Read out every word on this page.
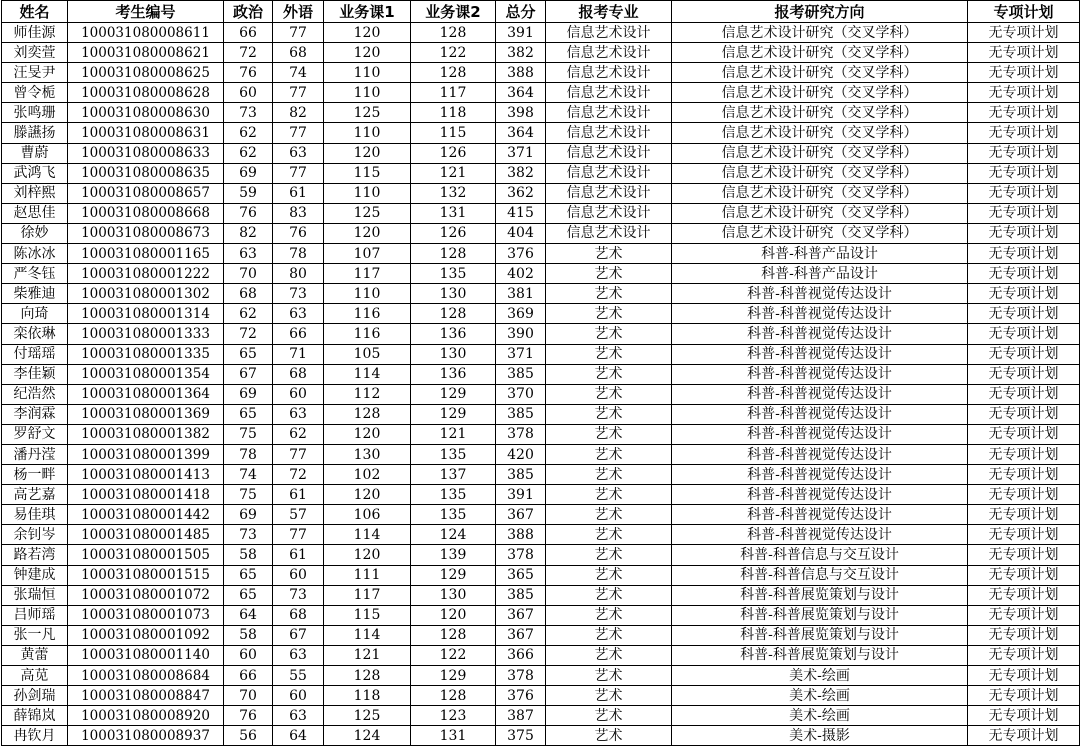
姓名	考生编号	政治	外语	业务课1	业务课2	总分	报考专业	报考研究方向	专项计划
师佳源	100031080008611	66	77	120	128	391	信息艺术设计	信息艺术设计研究（交叉学科）	无专项计划
刘奕萱	100031080008621	72	68	120	122	382	信息艺术设计	信息艺术设计研究（交叉学科）	无专项计划
汪旻尹	100031080008625	76	74	110	128	388	信息艺术设计	信息艺术设计研究（交叉学科）	无专项计划
曾令栀	100031080008628	60	77	110	117	364	信息艺术设计	信息艺术设计研究（交叉学科）	无专项计划
张鸣珊	100031080008630	73	82	125	118	398	信息艺术设计	信息艺术设计研究（交叉学科）	无专项计划
滕讌扬	100031080008631	62	77	110	115	364	信息艺术设计	信息艺术设计研究（交叉学科）	无专项计划
曹蔚	100031080008633	62	63	120	126	371	信息艺术设计	信息艺术设计研究（交叉学科）	无专项计划
武鸿飞	100031080008635	69	77	115	121	382	信息艺术设计	信息艺术设计研究（交叉学科）	无专项计划
刘梓熙	100031080008657	59	61	110	132	362	信息艺术设计	信息艺术设计研究（交叉学科）	无专项计划
赵思佳	100031080008668	76	83	125	131	415	信息艺术设计	信息艺术设计研究（交叉学科）	无专项计划
徐妙	100031080008673	82	76	120	126	404	信息艺术设计	信息艺术设计研究（交叉学科）	无专项计划
陈冰冰	100031080001165	63	78	107	128	376	艺术	科普-科普产品设计	无专项计划
严冬钰	100031080001222	70	80	117	135	402	艺术	科普-科普产品设计	无专项计划
柴雅迪	100031080001302	68	73	110	130	381	艺术	科普-科普视觉传达设计	无专项计划
向琦	100031080001314	62	63	116	128	369	艺术	科普-科普视觉传达设计	无专项计划
栾依琳	100031080001333	72	66	116	136	390	艺术	科普-科普视觉传达设计	无专项计划
付瑶瑶	100031080001335	65	71	105	130	371	艺术	科普-科普视觉传达设计	无专项计划
李佳颖	100031080001354	67	68	114	136	385	艺术	科普-科普视觉传达设计	无专项计划
纪浩然	100031080001364	69	60	112	129	370	艺术	科普-科普视觉传达设计	无专项计划
李润霖	100031080001369	65	63	128	129	385	艺术	科普-科普视觉传达设计	无专项计划
罗舒文	100031080001382	75	62	120	121	378	艺术	科普-科普视觉传达设计	无专项计划
潘丹滢	100031080001399	78	77	130	135	420	艺术	科普-科普视觉传达设计	无专项计划
杨一畔	100031080001413	74	72	102	137	385	艺术	科普-科普视觉传达设计	无专项计划
高艺嘉	100031080001418	75	61	120	135	391	艺术	科普-科普视觉传达设计	无专项计划
易佳琪	100031080001442	69	57	106	135	367	艺术	科普-科普视觉传达设计	无专项计划
余钊岑	100031080001485	73	77	114	124	388	艺术	科普-科普视觉传达设计	无专项计划
路若湾	100031080001505	58	61	120	139	378	艺术	科普-科普信息与交互设计	无专项计划
钟建成	100031080001515	65	60	111	129	365	艺术	科普-科普信息与交互设计	无专项计划
张瑞恒	100031080001072	65	73	117	130	385	艺术	科普-科普展览策划与设计	无专项计划
吕师瑶	100031080001073	64	68	115	120	367	艺术	科普-科普展览策划与设计	无专项计划
张一凡	100031080001092	58	67	114	128	367	艺术	科普-科普展览策划与设计	无专项计划
黄蕾	100031080001140	60	63	121	122	366	艺术	科普-科普展览策划与设计	无专项计划
高苋	100031080008684	66	55	128	129	378	艺术	美术-绘画	无专项计划
孙剑瑞	100031080008847	70	60	118	128	376	艺术	美术-绘画	无专项计划
薛锦岚	100031080008920	76	63	125	123	387	艺术	美术-绘画	无专项计划
冉钦月	100031080008937	56	64	124	131	375	艺术	美术-摄影	无专项计划
